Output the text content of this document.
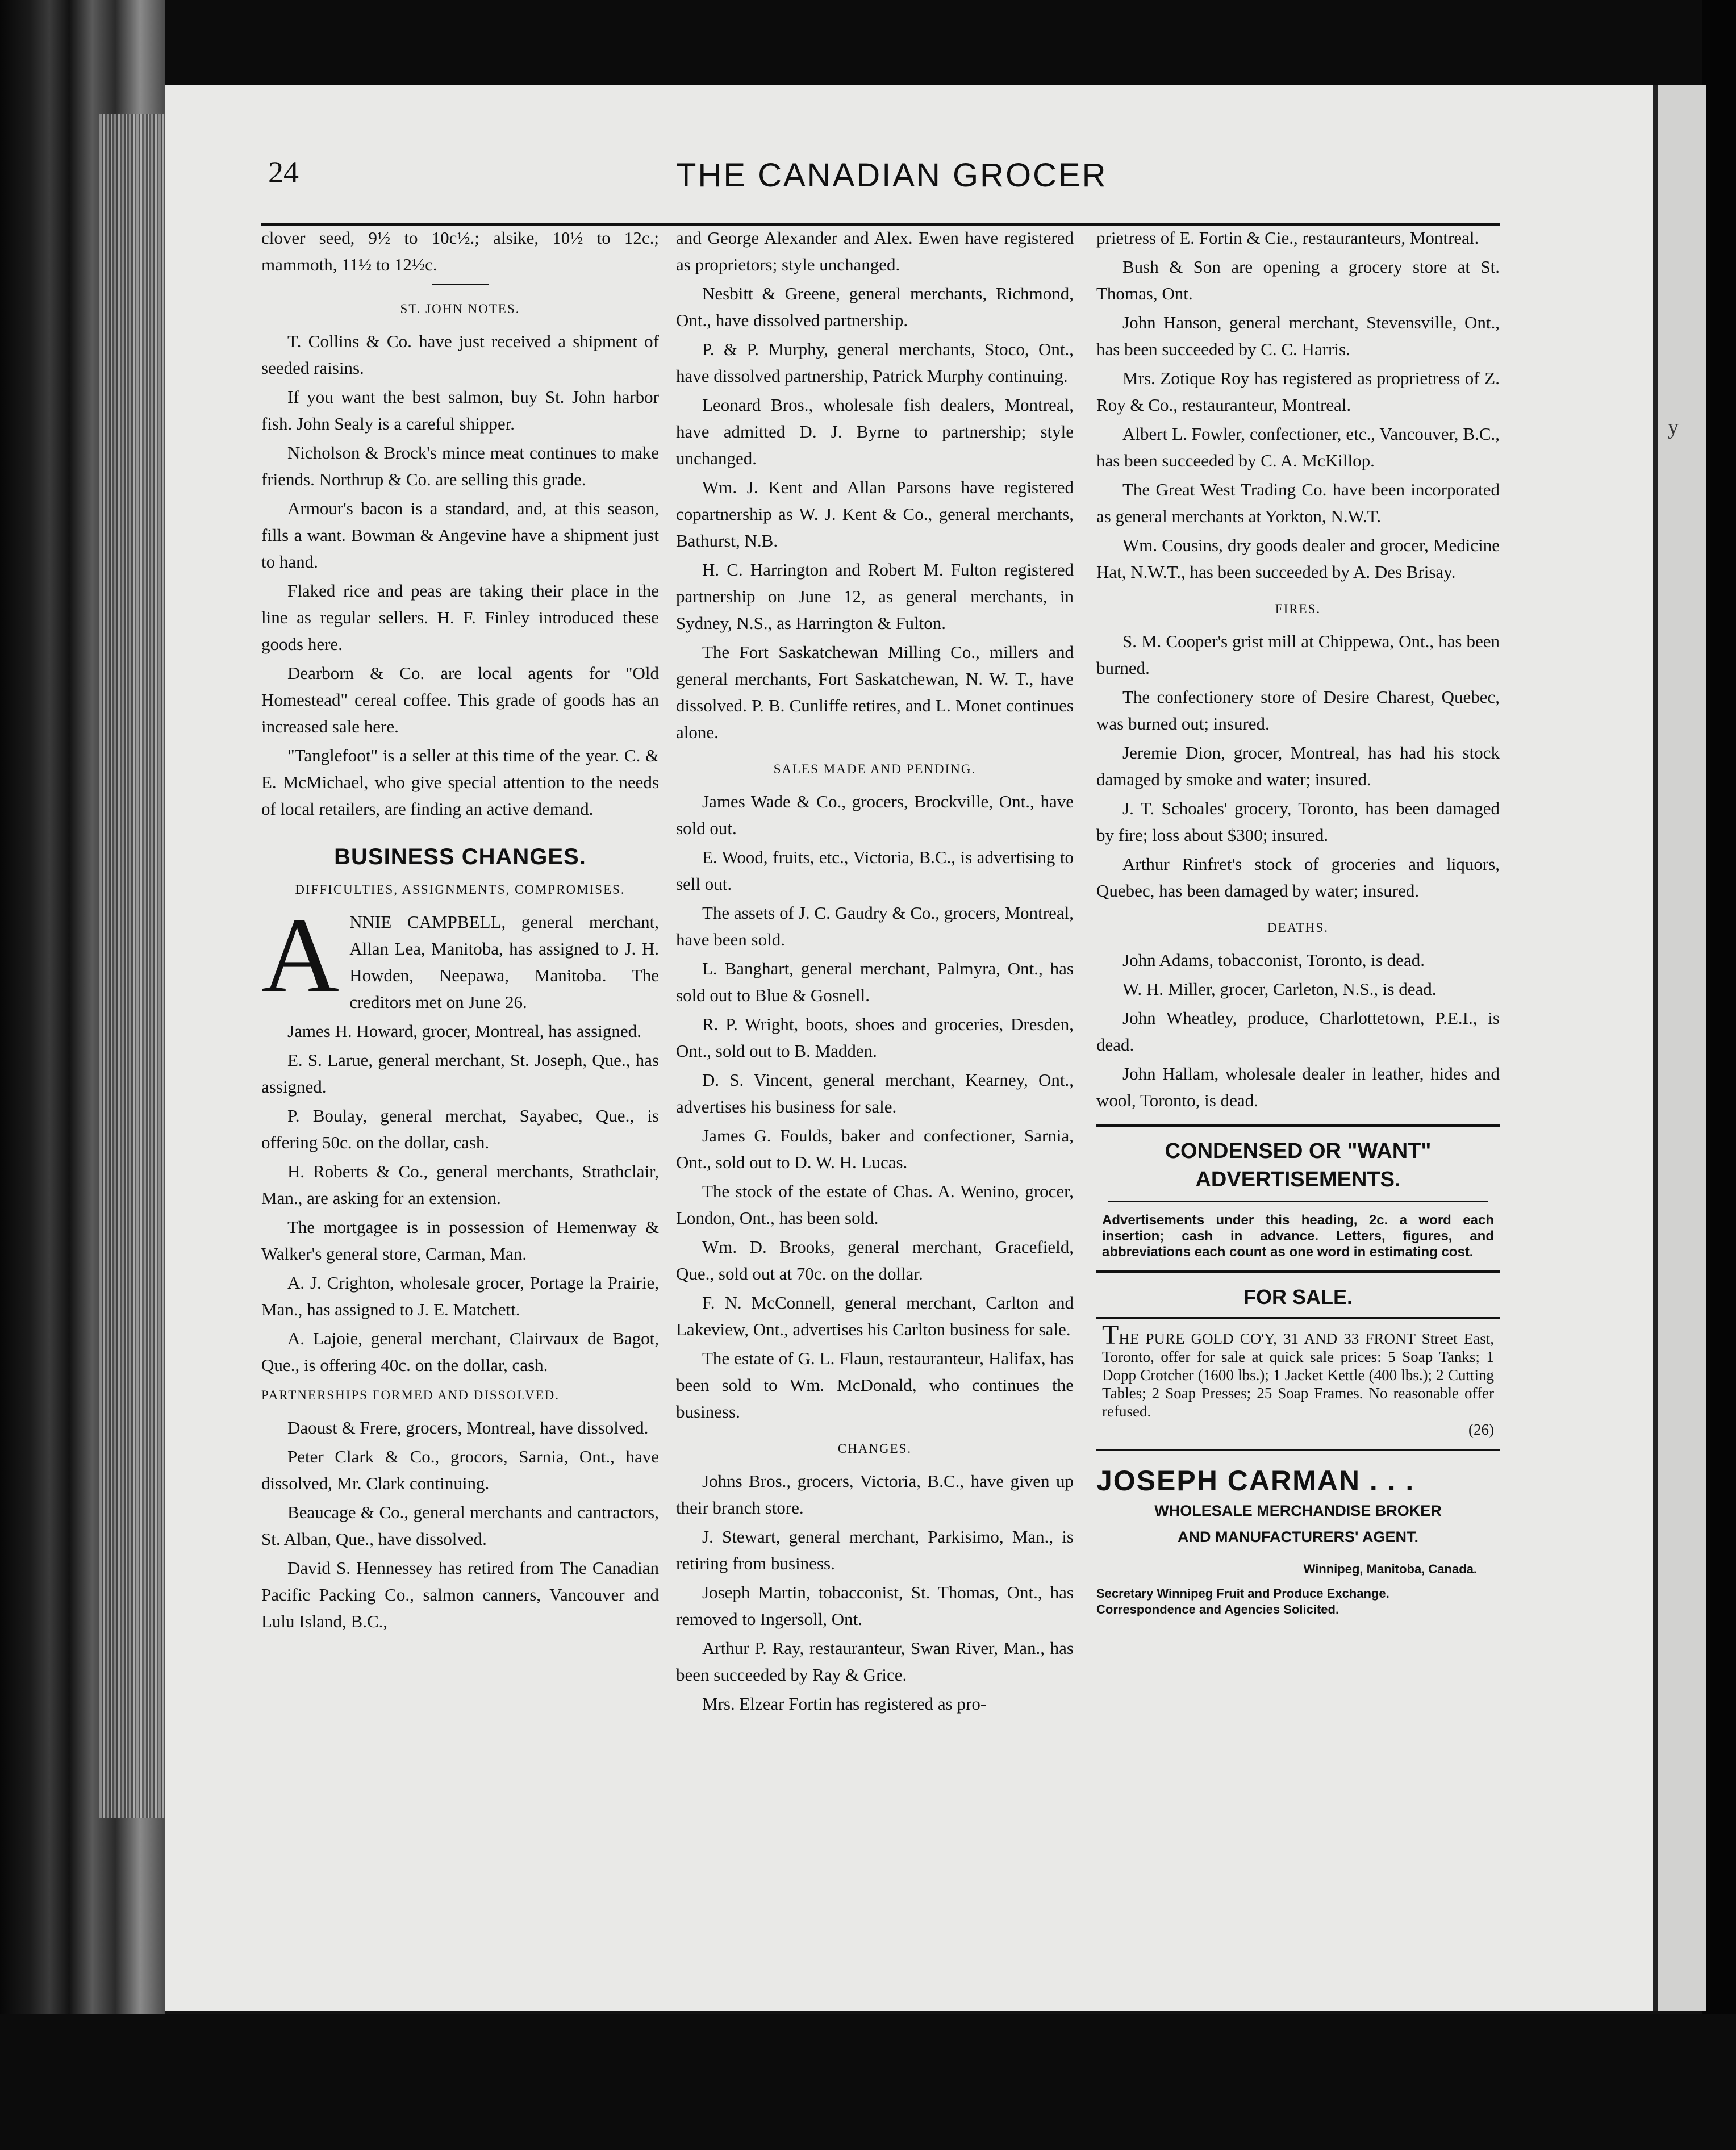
y
24	THE CANADIAN GROCER

clover seed, 9½ to 10c½.; alsike, 10½ to 12c.; mammoth, 11½ to 12½c.

ST. JOHN NOTES.

T. Collins & Co. have just received a shipment of seeded raisins.

If you want the best salmon, buy St. John harbor fish. John Sealy is a careful shipper.

Nicholson & Brock's mince meat continues to make friends. Northrup & Co. are selling this grade.

Armour's bacon is a standard, and, at this season, fills a want. Bowman & Angevine have a shipment just to hand.

Flaked rice and peas are taking their place in the line as regular sellers. H. F. Finley introduced these goods here.

Dearborn & Co. are local agents for "Old Homestead" cereal coffee. This grade of goods has an increased sale here.

"Tanglefoot" is a seller at this time of the year. C. & E. McMichael, who give special attention to the needs of local retailers, are finding an active demand.

BUSINESS CHANGES.
DIFFICULTIES, ASSIGNMENTS, COMPROMISES.
A NNIE CAMPBELL, general merchant, Allan Lea, Manitoba, has assigned to J. H. Howden, Neepawa, Manitoba. The creditors met on June 26.

James H. Howard, grocer, Montreal, has assigned.

E. S. Larue, general merchant, St. Joseph, Que., has assigned.

P. Boulay, general merchat, Sayabec, Que., is offering 50c. on the dollar, cash.

H. Roberts & Co., general merchants, Strathclair, Man., are asking for an extension.

The mortgagee is in possession of Hemenway & Walker's general store, Carman, Man.

A. J. Crighton, wholesale grocer, Portage la Prairie, Man., has assigned to J. E. Matchett.

A. Lajoie, general merchant, Clairvaux de Bagot, Que., is offering 40c. on the dollar, cash.

PARTNERSHIPS FORMED AND DISSOLVED.

Daoust & Frere, grocers, Montreal, have dissolved.

Peter Clark & Co., grocors, Sarnia, Ont., have dissolved, Mr. Clark continuing.

Beaucage & Co., general merchants and cantractors, St. Alban, Que., have dissolved.

David S. Hennessey has retired from The Canadian Pacific Packing Co., salmon canners, Vancouver and Lulu Island, B.C.,

and George Alexander and Alex. Ewen have registered as proprietors; style unchanged.

Nesbitt & Greene, general merchants, Richmond, Ont., have dissolved partnership.

P. & P. Murphy, general merchants, Stoco, Ont., have dissolved partnership, Patrick Murphy continuing.

Leonard Bros., wholesale fish dealers, Montreal, have admitted D. J. Byrne to partnership; style unchanged.

Wm. J. Kent and Allan Parsons have registered copartnership as W. J. Kent & Co., general merchants, Bathurst, N.B.

H. C. Harrington and Robert M. Fulton registered partnership on June 12, as general merchants, in Sydney, N.S., as Harrington & Fulton.

The Fort Saskatchewan Milling Co., millers and general merchants, Fort Saskatchewan, N. W. T., have dissolved. P. B. Cunliffe retires, and L. Monet continues alone.

SALES MADE AND PENDING.

James Wade & Co., grocers, Brockville, Ont., have sold out.

E. Wood, fruits, etc., Victoria, B.C., is advertising to sell out.

The assets of J. C. Gaudry & Co., grocers, Montreal, have been sold.

L. Banghart, general merchant, Palmyra, Ont., has sold out to Blue & Gosnell.

R. P. Wright, boots, shoes and groceries, Dresden, Ont., sold out to B. Madden.

D. S. Vincent, general merchant, Kearney, Ont., advertises his business for sale.

James G. Foulds, baker and confectioner, Sarnia, Ont., sold out to D. W. H. Lucas.

The stock of the estate of Chas. A. Wenino, grocer, London, Ont., has been sold.

Wm. D. Brooks, general merchant, Gracefield, Que., sold out at 70c. on the dollar.

F. N. McConnell, general merchant, Carlton and Lakeview, Ont., advertises his Carlton business for sale.

The estate of G. L. Flaun, restauranteur, Halifax, has been sold to Wm. McDonald, who continues the business.

CHANGES.

Johns Bros., grocers, Victoria, B.C., have given up their branch store.

J. Stewart, general merchant, Parkisimo, Man., is retiring from business.

Joseph Martin, tobacconist, St. Thomas, Ont., has removed to Ingersoll, Ont.

Arthur P. Ray, restauranteur, Swan River, Man., has been succeeded by Ray & Grice.

Mrs. Elzear Fortin has registered as pro-

prietress of E. Fortin & Cie., restauranteurs, Montreal.

Bush & Son are opening a grocery store at St. Thomas, Ont.

John Hanson, general merchant, Stevensville, Ont., has been succeeded by C. C. Harris.

Mrs. Zotique Roy has registered as proprietress of Z. Roy & Co., restauranteur, Montreal.

Albert L. Fowler, confectioner, etc., Vancouver, B.C., has been succeeded by C. A. McKillop.

The Great West Trading Co. have been incorporated as general merchants at Yorkton, N.W.T.

Wm. Cousins, dry goods dealer and grocer, Medicine Hat, N.W.T., has been succeeded by A. Des Brisay.

FIRES.

S. M. Cooper's grist mill at Chippewa, Ont., has been burned.

The confectionery store of Desire Charest, Quebec, was burned out; insured.

Jeremie Dion, grocer, Montreal, has had his stock damaged by smoke and water; insured.

J. T. Schoales' grocery, Toronto, has been damaged by fire; loss about $300; insured.

Arthur Rinfret's stock of groceries and liquors, Quebec, has been damaged by water; insured.

DEATHS.

John Adams, tobacconist, Toronto, is dead.

W. H. Miller, grocer, Carleton, N.S., is dead.

John Wheatley, produce, Charlottetown, P.E.I., is dead.

John Hallam, wholesale dealer in leather, hides and wool, Toronto, is dead.

CONDENSED OR "WANT"
ADVERTISEMENTS.
Advertisements under this heading, 2c. a word each insertion; cash in advance. Letters, figures, and abbreviations each count as one word in estimating cost.
FOR SALE.
THE PURE GOLD CO'Y, 31 AND 33 FRONT Street East, Toronto, offer for sale at quick sale prices: 5 Soap Tanks; 1 Dopp Crotcher (1600 lbs.); 1 Jacket Kettle (400 lbs.); 2 Cutting Tables; 2 Soap Presses; 25 Soap Frames. No reasonable offer refused.
(26)
JOSEPH CARMAN . . .
WHOLESALE MERCHANDISE BROKER
AND MANUFACTURERS' AGENT.
Winnipeg, Manitoba, Canada.
Secretary Winnipeg Fruit and Produce Exchange.
Correspondence and Agencies Solicited.
